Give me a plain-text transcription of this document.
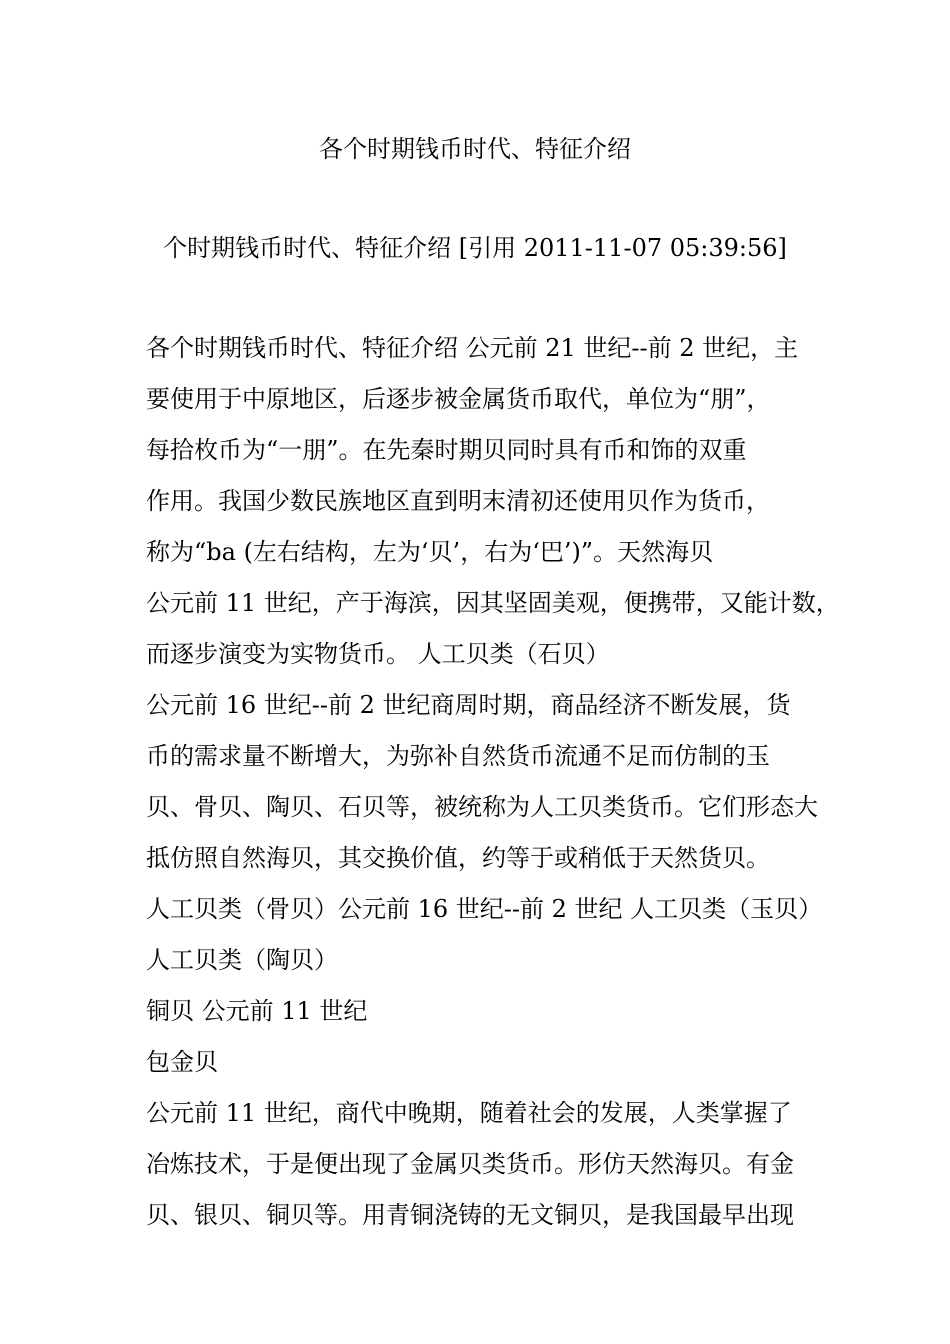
各个时期钱币时代、特征介绍
个时期钱币时代、特征介绍 [引用 2011-11-07 05:39:56]
各个时期钱币时代、特征介绍 公元前 21 世纪--前 2 世纪，主
要使用于中原地区，后逐步被金属货币取代，单位为“朋”，
每拾枚币为“一朋”。在先秦时期贝同时具有币和饰的双重
作用。我国少数民族地区直到明末清初还使用贝作为货币，
称为“ba (左右结构，左为‘贝’，右为‘巴’)”。天然海贝
公元前 11 世纪，产于海滨，因其坚固美观，便携带，又能计数，
而逐步演变为实物货币。 人工贝类（石贝）
公元前 16 世纪--前 2 世纪商周时期，商品经济不断发展，货
币的需求量不断增大，为弥补自然货币流通不足而仿制的玉
贝、骨贝、陶贝、石贝等，被统称为人工贝类货币。它们形态大
抵仿照自然海贝，其交换价值，约等于或稍低于天然货贝。
人工贝类（骨贝）公元前 16 世纪--前 2 世纪 人工贝类（玉贝）
人工贝类（陶贝）
铜贝 公元前 11 世纪
包金贝
公元前 11 世纪，商代中晚期，随着社会的发展，人类掌握了
冶炼技术，于是便出现了金属贝类货币。形仿天然海贝。有金
贝、银贝、铜贝等。用青铜浇铸的无文铜贝，是我国最早出现
